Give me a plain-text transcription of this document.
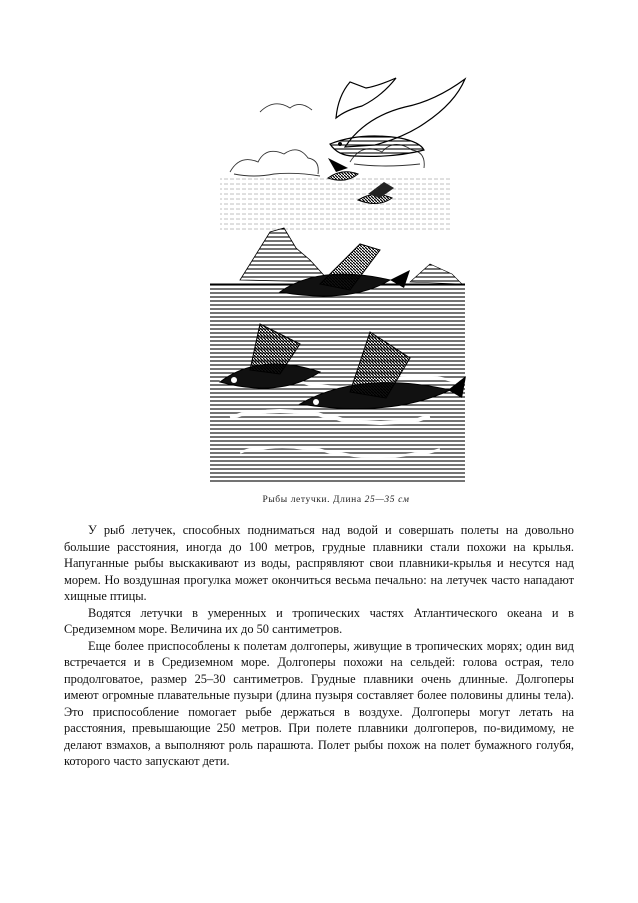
Рыбы летучки. Длина 25—35 см

У рыб летучек, способных подниматься над водой и совершать полеты на довольно большие расстояния, иногда до 100 метров, грудные плавники стали похожи на крылья. Напуганные рыбы выскакивают из воды, распрявляют свои плавники-крылья и несутся над морем. Но воздушная прогулка может окончиться весьма печально: на летучек часто нападают хищные птицы.

Водятся летучки в умеренных и тропических частях Атлантического океана и в Средиземном море. Величина их до 50 сантиметров.

Еще более приспособлены к полетам долгоперы, живущие в тропических морях; один вид встречается и в Средиземном море. Долгоперы похожи на сельдей: голова острая, тело продолговатое, размер 25–30 сантиметров. Грудные плавники очень длинные. Долгоперы имеют огромные плавательные пузыри (длина пузыря составляет более половины длины тела). Это приспособление помогает рыбе держаться в воздухе. Долгоперы могут летать на расстояния, превышающие 250 метров. При полете плавники долгоперов, по-видимому, не делают взмахов, а выполняют роль парашюта. Полет рыбы похож на полет бумажного голубя, которого часто запускают дети.
